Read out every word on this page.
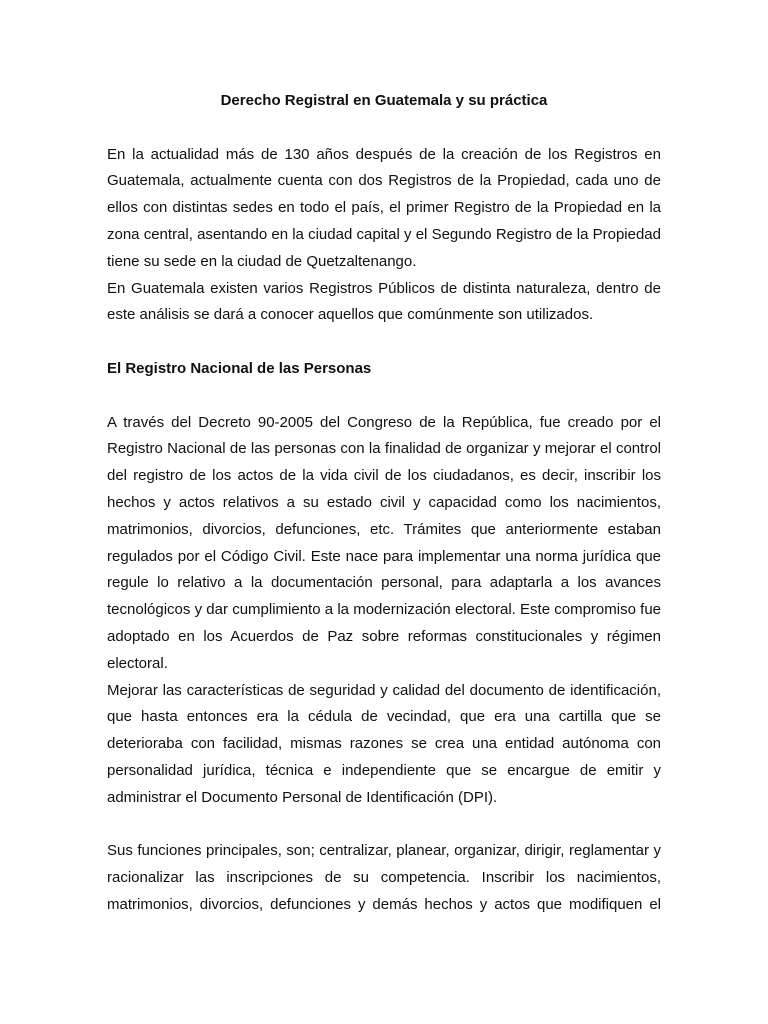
Derecho Registral en Guatemala y su práctica

En la actualidad más de 130 años después de la creación de los Registros en Guatemala, actualmente cuenta con dos Registros de la Propiedad, cada uno de ellos con distintas sedes en todo el país, el primer Registro de la Propiedad en la zona central, asentando en la ciudad capital y el Segundo Registro de la Propiedad tiene su sede en la ciudad de Quetzaltenango.

En Guatemala existen varios Registros Públicos de distinta naturaleza, dentro de este análisis se dará a conocer aquellos que comúnmente son utilizados.

El Registro Nacional de las Personas

A través del Decreto 90-2005 del Congreso de la República, fue creado por el Registro Nacional de las personas con la finalidad de organizar y mejorar el control del registro de los actos de la vida civil de los ciudadanos, es decir, inscribir los hechos y actos relativos a su estado civil y capacidad como los nacimientos, matrimonios, divorcios, defunciones, etc. Trámites que anteriormente estaban regulados por el Código Civil. Este nace para implementar una norma jurídica que regule lo relativo a la documentación personal, para adaptarla a los avances tecnológicos y dar cumplimiento a la modernización electoral. Este compromiso fue adoptado en los Acuerdos de Paz sobre reformas constitucionales y régimen electoral.

Mejorar las características de seguridad y calidad del documento de identificación, que hasta entonces era la cédula de vecindad, que era una cartilla que se deterioraba con facilidad, mismas razones se crea una entidad autónoma con personalidad jurídica, técnica e independiente que se encargue de emitir y administrar el Documento Personal de Identificación (DPI).

Sus funciones principales, son; centralizar, planear, organizar, dirigir, reglamentar y racionalizar las inscripciones de su competencia. Inscribir los nacimientos, matrimonios, divorcios, defunciones y demás hechos y actos que modifiquen el
